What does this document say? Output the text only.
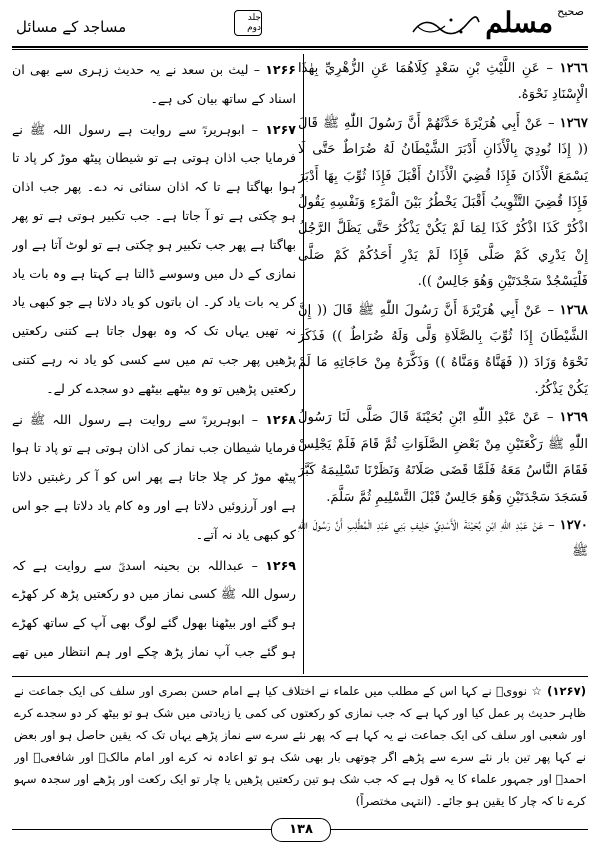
صحیح
مسلم
جلد دوم
مساجد کے مسائل

١٢٦٦ – عَنِ اللَّيْثِ بْنِ سَعْدٍ كِلَاهُمَا عَنِ الزُّهْرِيِّ بِهٰذَا الْإِسْنَادِ نَحْوَهُ.

١٢٦٧ – عَنْ أَبِي هُرَيْرَةَ حَدَّثَهُمْ أَنَّ رَسُولَ اللّٰهِ ﷺ قَالَ (( إِذَا نُودِيَ بِالْأَذَانِ أَدْبَرَ الشَّيْطَانُ لَهُ ضُرَاطٌ حَتَّى لَا يَسْمَعَ الْأَذَانَ فَإِذَا قُضِيَ الْأَذَانُ أَقْبَلَ فَإِذَا ثُوِّبَ بِهَا أَدْبَرَ فَإِذَا قُضِيَ التَّثْوِيبُ أَقْبَلَ يَخْطُرُ بَيْنَ الْمَرْءِ وَنَفْسِهِ يَقُولُ اذْكُرْ كَذَا اذْكُرْ كَذَا لِمَا لَمْ يَكُنْ يَذْكُرُ حَتَّى يَظَلَّ الرَّجُلُ إِنْ يَدْرِي كَمْ صَلَّى فَإِذَا لَمْ يَدْرِ أَحَدُكُمْ كَمْ صَلَّى فَلْيَسْجُدْ سَجْدَتَيْنِ وَهُوَ جَالِسٌ )).

١٢٦٨ – عَنْ أَبِي هُرَيْرَةَ أَنَّ رَسُولَ اللّٰهِ ﷺ قَالَ (( إِنَّ الشَّيْطَانَ إِذَا ثُوِّبَ بِالصَّلَاةِ وَلَّى وَلَهُ ضُرَاطٌ )) فَذَكَرَ نَحْوَهُ وَزَادَ (( فَهَنَّاهُ وَمَنَّاهُ )) وَذَكَّرَهُ مِنْ حَاجَاتِهِ مَا لَمْ يَكُنْ يَذْكُرُ.

١٢٦٩ – عَنْ عَبْدِ اللّٰهِ ابْنِ بُحَيْنَةَ قَالَ صَلَّى لَنَا رَسُولُ اللّٰهِ ﷺ رَكْعَتَيْنِ مِنْ بَعْضِ الصَّلَوَاتِ ثُمَّ قَامَ فَلَمْ يَجْلِسْ فَقَامَ النَّاسُ مَعَهُ فَلَمَّا قَضَى صَلَاتَهُ وَنَظَرْنَا تَسْلِيمَهُ كَبَّرَ فَسَجَدَ سَجْدَتَيْنِ وَهُوَ جَالِسٌ قَبْلَ التَّسْلِيمِ ثُمَّ سَلَّمَ.

١٢٧٠ – عَنْ عَبْدِ اللّٰهِ ابْنِ بُحَيْنَةَ الْأَسْدِيِّ حَلِيفِ بَنِي عَبْدِ الْمُطَّلِبِ أَنَّ رَسُولَ اللّٰهِ ﷺ

۱۲۶۶ – لیث بن سعد نے یہ حدیث زہری سے بھی ان اسناد کے ساتھ بیان کی ہے۔

۱۲۶۷ – ابوہریرہؓ سے روایت ہے رسول اللہ ﷺ نے فرمایا جب اذان ہوتی ہے تو شیطان پیٹھ موڑ کر پاد تا ہوا بھاگتا ہے تا کہ اذان سنائی نہ دے۔ پھر جب اذان ہو چکتی ہے تو آ جاتا ہے۔ جب تکبیر ہوتی ہے تو پھر بھاگتا ہے پھر جب تکبیر ہو چکتی ہے تو لوٹ آتا ہے اور نمازی کے دل میں وسوسے ڈالتا ہے کہتا ہے وہ بات یاد کر یہ بات یاد کر۔ ان باتوں کو یاد دلاتا ہے جو کبھی یاد نہ تھیں یہاں تک کہ وہ بھول جاتا ہے کتنی رکعتیں پڑھیں پھر جب تم میں سے کسی کو یاد نہ رہے کتنی رکعتیں پڑھیں تو وہ بیٹھے بیٹھے دو سجدے کر لے۔

۱۲۶۸ – ابوہریرہؓ سے روایت ہے رسول اللہ ﷺ نے فرمایا شیطان جب نماز کی اذان ہوتی ہے تو پاد تا ہوا پیٹھ موڑ کر چلا جاتا ہے پھر اس کو آ کر رغبتیں دلاتا ہے اور آرزوئیں دلاتا ہے اور وہ کام یاد دلاتا ہے جو اس کو کبھی یاد نہ آتے۔

۱۲۶۹ – عبداللہ بن بحینہ اسدیؓ سے روایت ہے کہ رسول اللہ ﷺ کسی نماز میں دو رکعتیں پڑھ کر کھڑے ہو گئے اور بیٹھنا بھول گئے لوگ بھی آپ کے ساتھ کھڑے ہو گئے جب آپ نماز پڑھ چکے اور ہم انتظار میں تھے

(۱۲۶۷) ☆ نوویؒ نے کہا اس کے مطلب میں علماء نے اختلاف کیا ہے امام حسن بصری اور سلف کی ایک جماعت نے ظاہر حدیث پر عمل کیا اور کہا ہے کہ جب نمازی کو رکعتوں کی کمی یا زیادتی میں شک ہو تو بیٹھ کر دو سجدے کرے اور شعبی اور سلف کی ایک جماعت نے یہ کہا ہے کہ پھر نئے سرے سے نماز پڑھے یہاں تک کہ یقین حاصل ہو اور بعض نے کہا پھر تین بار نئے سرے سے پڑھے اگر چوتھی بار بھی شک ہو تو اعادہ نہ کرے اور امام مالکؒ اور شافعیؒ اور احمدؒ اور جمہور علماء کا یہ قول ہے کہ جب شک ہو تین رکعتیں پڑھیں یا چار تو ایک رکعت اور پڑھے اور سجدہ سہو کرے تا کہ چار کا یقین ہو جائے۔ (انتہی مختصراً)
۱۳۸
